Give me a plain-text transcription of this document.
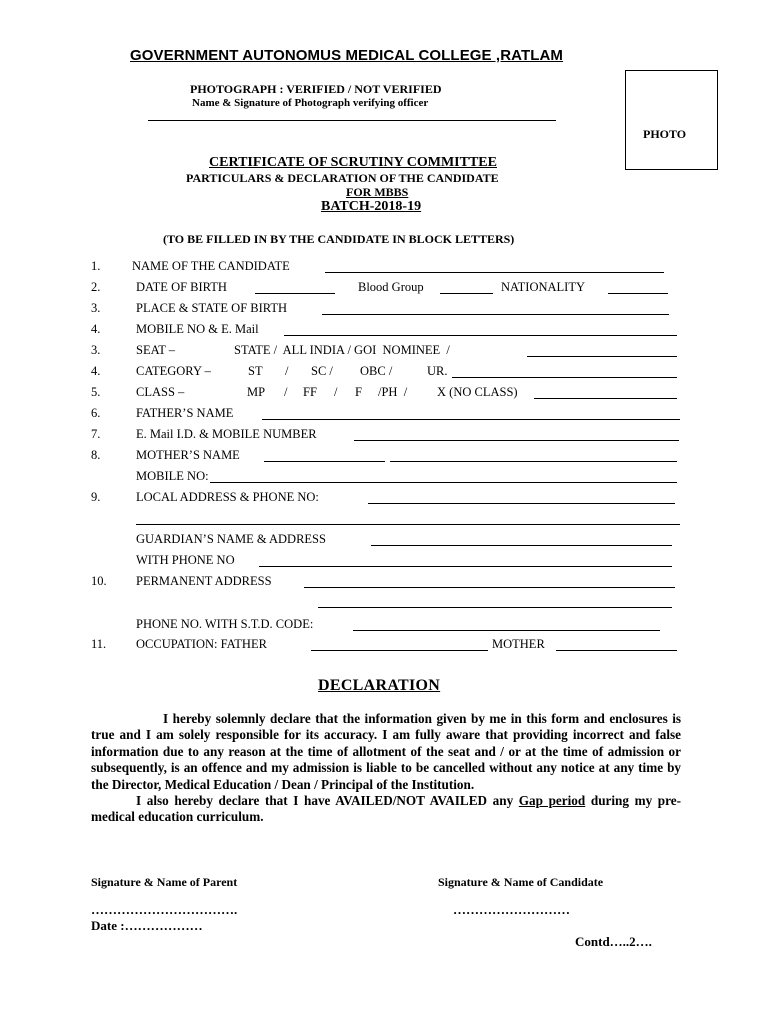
GOVERNMENT AUTONOMUS MEDICAL COLLEGE ,RATLAM
PHOTOGRAPH : VERIFIED / NOT VERIFIED
Name & Signature of Photograph verifying officer
PHOTO
CERTIFICATE OF SCRUTINY COMMITTEE
PARTICULARS & DECLARATION OF THE CANDIDATE
FOR MBBS
BATCH-2018-19
(TO BE FILLED IN BY THE CANDIDATE IN BLOCK LETTERS)
1.	NAME OF THE CANDIDATE
2.	DATE OF BIRTH	Blood Group	NATIONALITY
3.	PLACE & STATE OF BIRTH
4.	MOBILE NO & E. Mail
3.	SEAT –	STATE /  ALL INDIA / GOI  NOMINEE  /
4.	CATEGORY –	ST / SC / OBC /	UR.
5.	CLASS –	MP / FF / F /PH  / X (NO CLASS)
6.	FATHER’S NAME
7.	E. Mail I.D. & MOBILE NUMBER
8.	MOTHER’S NAME
MOBILE NO:
9.	LOCAL ADDRESS & PHONE NO:
GUARDIAN’S NAME & ADDRESS
WITH PHONE NO
10. PERMANENT ADDRESS
PHONE NO. WITH S.T.D. CODE:
11. OCCUPATION: FATHER	MOTHER
DECLARATION

I hereby solemnly declare that the information given by me in this form and enclosures is true and I am solely responsible for its accuracy. I am fully aware that providing incorrect and false information due to any reason at the time of allotment of the seat and / or at the time of admission or subsequently, is an offence and my admission is liable to be cancelled without any notice at any time by the Director, Medical Education / Dean / Principal of the Institution.

I also hereby declare that I have AVAILED/NOT AVAILED any Gap period during my pre-medical education curriculum.

Signature & Name of Parent	Signature & Name of Candidate
…………………………….	………………………
Date :………………
Contd…..2….
